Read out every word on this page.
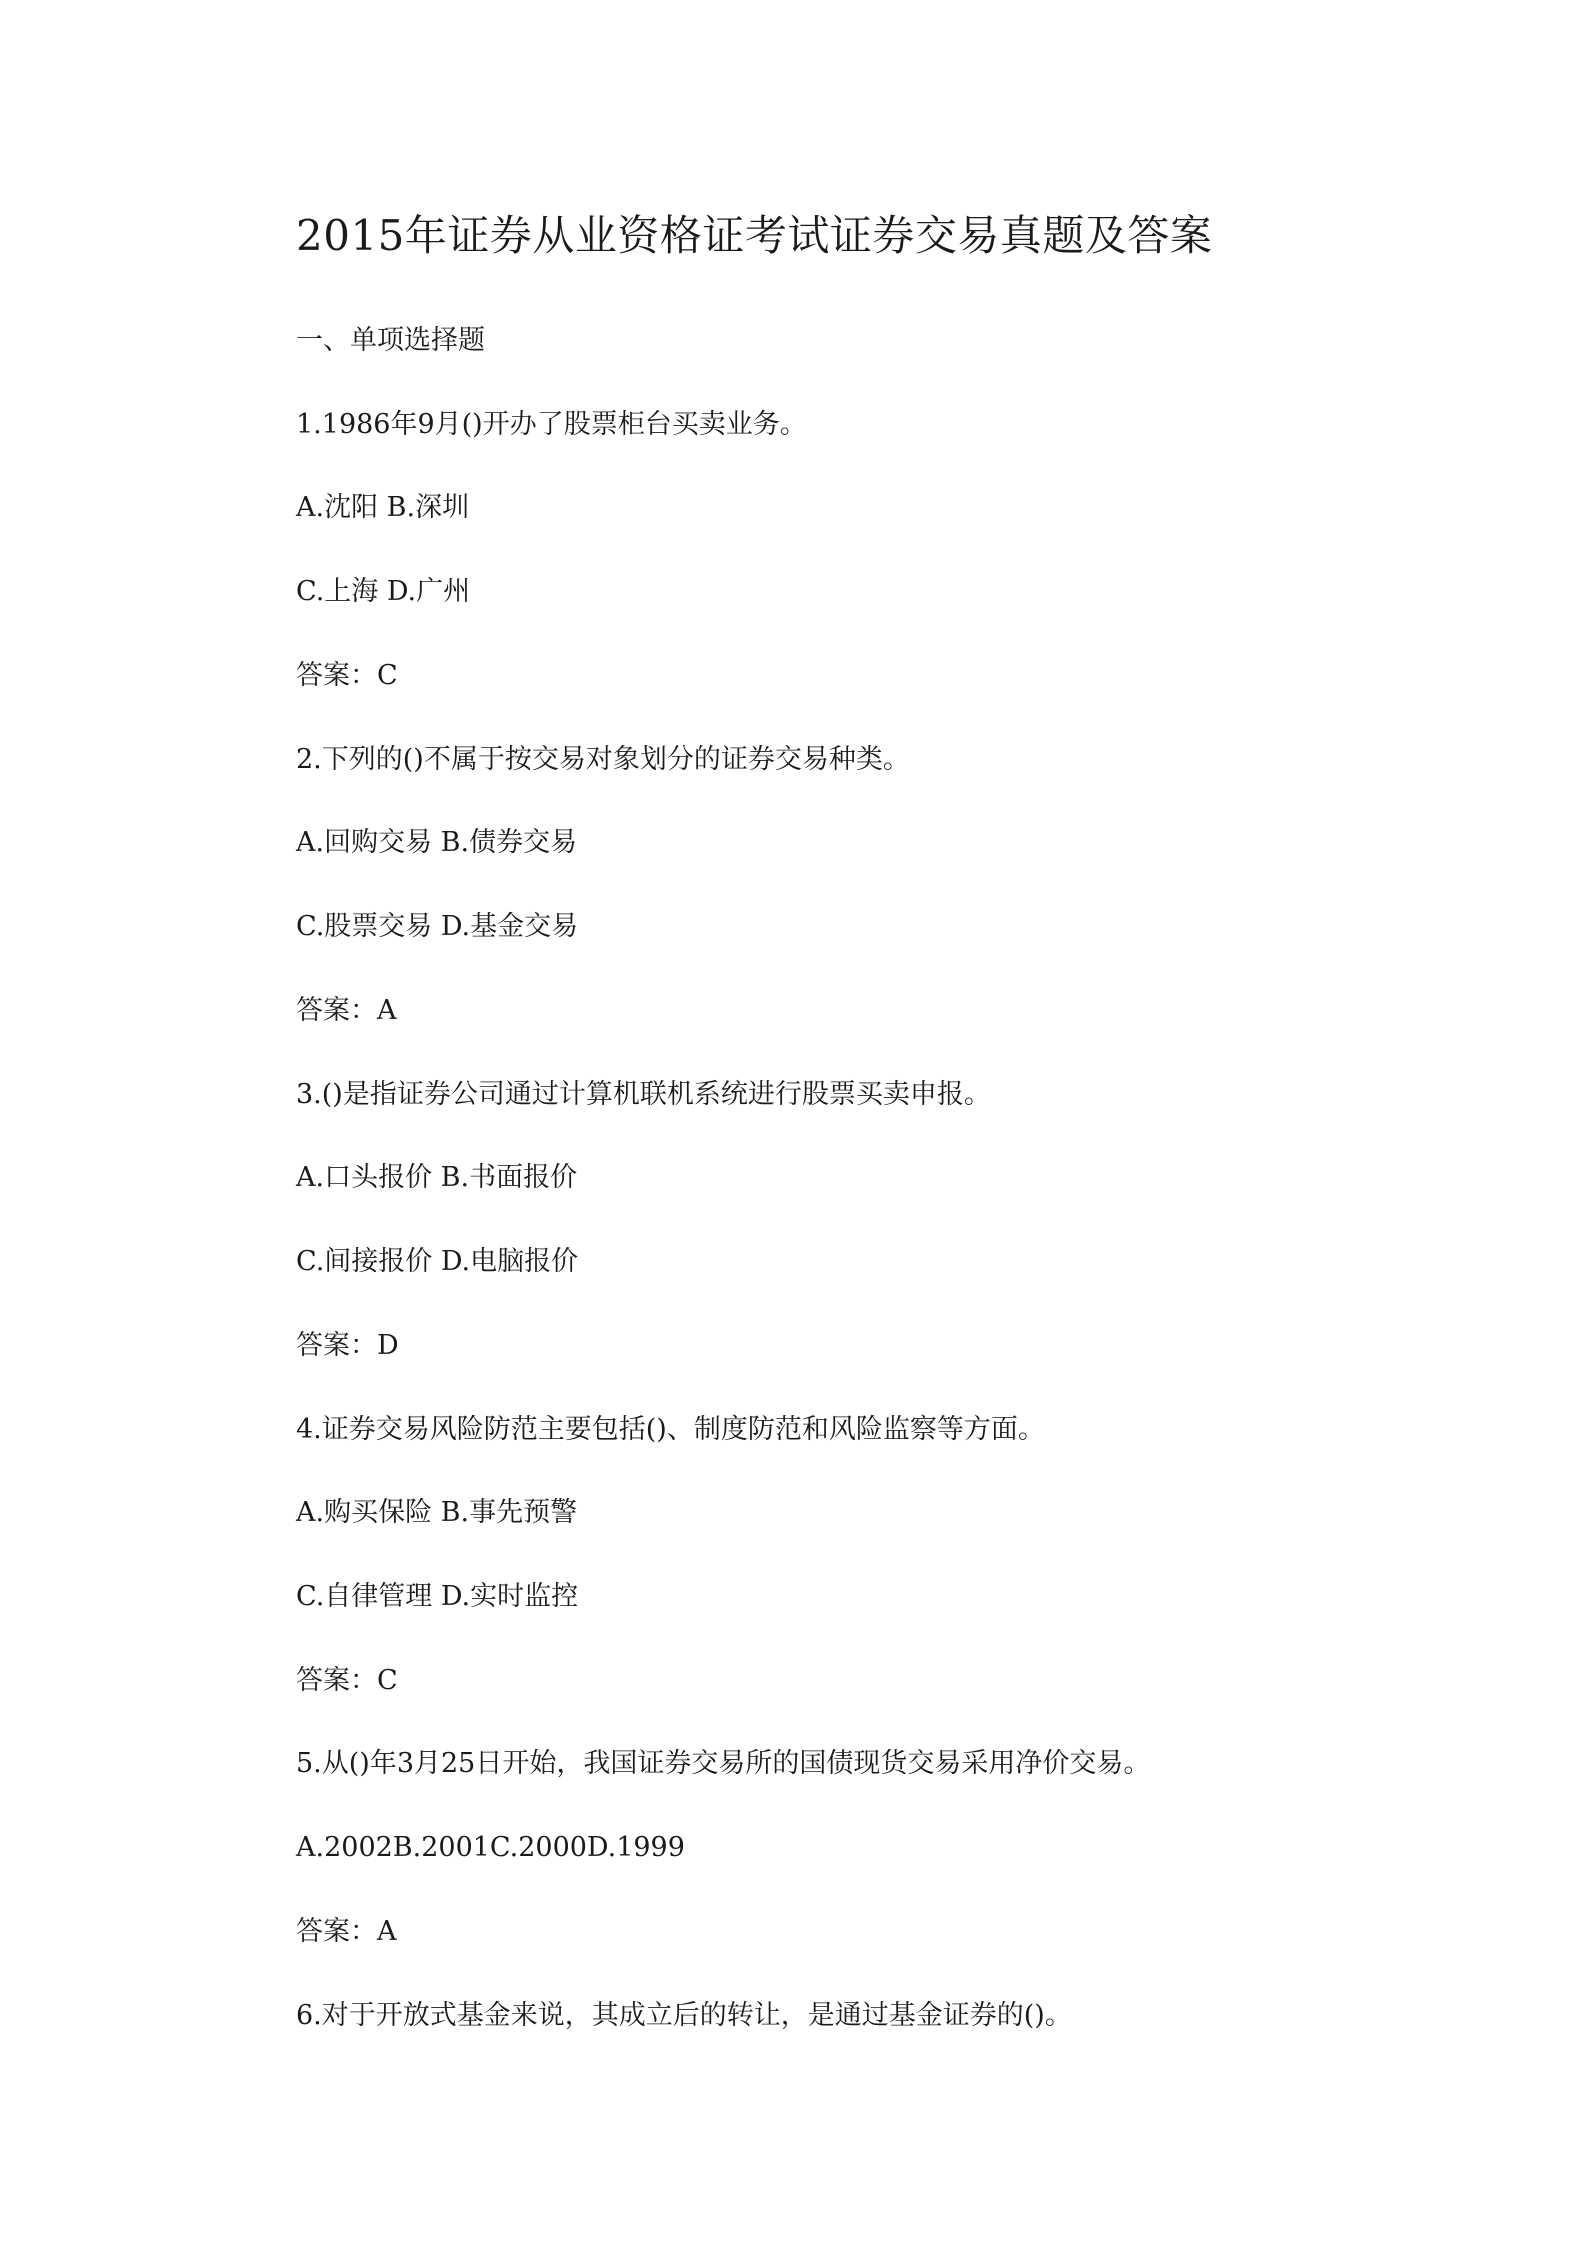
2015年证券从业资格证考试证券交易真题及答案
一、单项选择题
1.1986年9月()开办了股票柜台买卖业务。
A.沈阳 B.深圳
C.上海 D.广州
答案：C
2.下列的()不属于按交易对象划分的证券交易种类。
A.回购交易 B.债券交易
C.股票交易 D.基金交易
答案：A
3.()是指证券公司通过计算机联机系统进行股票买卖申报。
A.口头报价 B.书面报价
C.间接报价 D.电脑报价
答案：D
4.证券交易风险防范主要包括()、制度防范和风险监察等方面。
A.购买保险 B.事先预警
C.自律管理 D.实时监控
答案：C
5.从()年3月25日开始，我国证券交易所的国债现货交易采用净价交易。
A.2002B.2001C.2000D.1999
答案：A
6.对于开放式基金来说，其成立后的转让，是通过基金证券的()。
